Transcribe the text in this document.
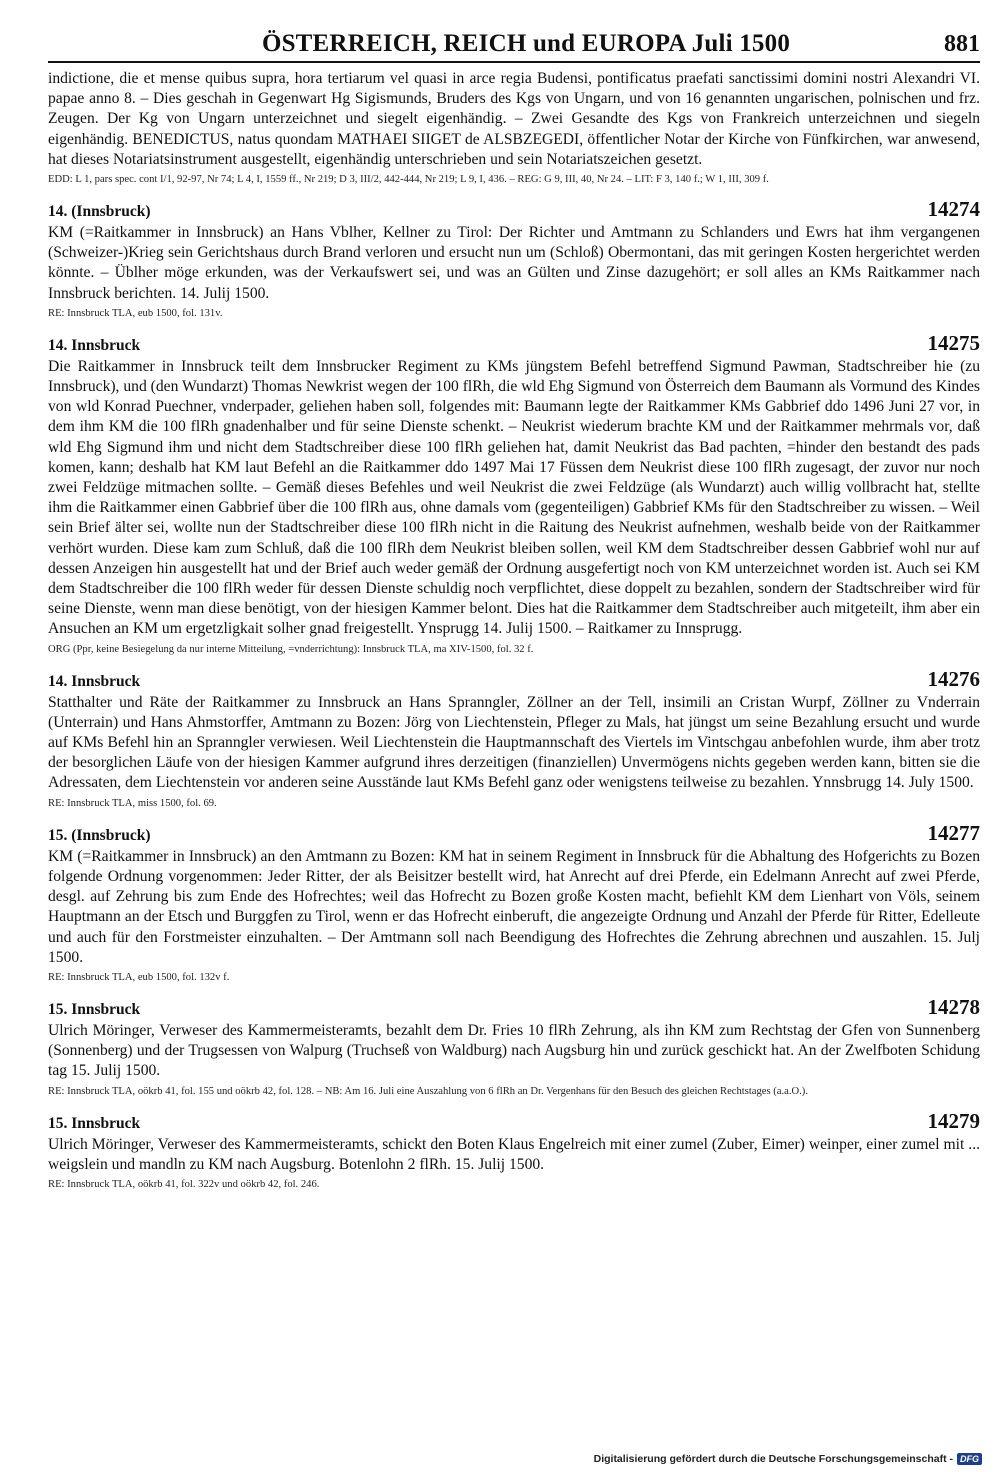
ÖSTERREICH, REICH und EUROPA Juli 1500	881

indictione, die et mense quibus supra, hora tertiarum vel quasi in arce regia Budensi, pontificatus praefati sanctissimi domini nostri Alexandri VI. papae anno 8. – Dies geschah in Gegenwart Hg Sigismunds, Bruders des Kgs von Ungarn, und von 16 genannten ungarischen, polnischen und frz. Zeugen. Der Kg von Ungarn unterzeichnet und siegelt eigenhändig. – Zwei Gesandte des Kgs von Frankreich unterzeichnen und siegeln eigenhändig. BENEDICTUS, natus quondam MATHAEI SIIGET de ALSBZEGEDI, öffentlicher Notar der Kirche von Fünfkirchen, war anwesend, hat dieses Notariatsinstrument ausgestellt, eigenhändig unterschrieben und sein Notariatszeichen gesetzt.

EDD: L 1, pars spec. cont I/1, 92-97, Nr 74; L 4, I, 1559 ff., Nr 219; D 3, III/2, 442-444, Nr 219; L 9, I, 436. – REG: G 9, III, 40, Nr 24. – LIT: F 3, 140 f.; W 1, III, 309 f.

14. (Innsbruck)	14274

KM (=Raitkammer in Innsbruck) an Hans Vblher, Kellner zu Tirol: Der Richter und Amtmann zu Schlanders und Ewrs hat ihm vergangenen (Schweizer-)Krieg sein Gerichtshaus durch Brand verloren und ersucht nun um (Schloß) Obermontani, das mit geringen Kosten hergerichtet werden könnte. – Üblher möge erkunden, was der Verkaufswert sei, und was an Gülten und Zinse dazugehört; er soll alles an KMs Raitkammer nach Innsbruck berichten. 14. Julij 1500.

RE: Innsbruck TLA, eub 1500, fol. 131v.

14. Innsbruck	14275

Die Raitkammer in Innsbruck teilt dem Innsbrucker Regiment zu KMs jüngstem Befehl betreffend Sigmund Pawman, Stadtschreiber hie (zu Innsbruck), und (den Wundarzt) Thomas Newkrist wegen der 100 flRh, die wld Ehg Sigmund von Österreich dem Baumann als Vormund des Kindes von wld Konrad Puechner, vnderpader, geliehen haben soll, folgendes mit: Baumann legte der Raitkammer KMs Gabbrief ddo 1496 Juni 27 vor, in dem ihm KM die 100 flRh gnadenhalber und für seine Dienste schenkt. – Neukrist wiederum brachte KM und der Raitkammer mehrmals vor, daß wld Ehg Sigmund ihm und nicht dem Stadtschreiber diese 100 flRh geliehen hat, damit Neukrist das Bad pachten, =hinder den bestandt des pads komen, kann; deshalb hat KM laut Befehl an die Raitkammer ddo 1497 Mai 17 Füssen dem Neukrist diese 100 flRh zugesagt, der zuvor nur noch zwei Feldzüge mitmachen sollte. – Gemäß dieses Befehles und weil Neukrist die zwei Feldzüge (als Wundarzt) auch willig vollbracht hat, stellte ihm die Raitkammer einen Gabbrief über die 100 flRh aus, ohne damals vom (gegenteiligen) Gabbrief KMs für den Stadtschreiber zu wissen. – Weil sein Brief älter sei, wollte nun der Stadtschreiber diese 100 flRh nicht in die Raitung des Neukrist aufnehmen, weshalb beide von der Raitkammer verhört wurden. Diese kam zum Schluß, daß die 100 flRh dem Neukrist bleiben sollen, weil KM dem Stadtschreiber dessen Gabbrief wohl nur auf dessen Anzeigen hin ausgestellt hat und der Brief auch weder gemäß der Ordnung ausgefertigt noch von KM unterzeichnet worden ist. Auch sei KM dem Stadtschreiber die 100 flRh weder für dessen Dienste schuldig noch verpflichtet, diese doppelt zu bezahlen, sondern der Stadtschreiber wird für seine Dienste, wenn man diese benötigt, von der hiesigen Kammer belont. Dies hat die Raitkammer dem Stadtschreiber auch mitgeteilt, ihm aber ein Ansuchen an KM um ergetzligkait solher gnad freigestellt. Ynsprugg 14. Julij 1500. – Raitkamer zu Innsprugg.

ORG (Ppr, keine Besiegelung da nur interne Mitteilung, =vnderrichtung): Innsbruck TLA, ma XIV-1500, fol. 32 f.

14. Innsbruck	14276

Statthalter und Räte der Raitkammer zu Innsbruck an Hans Spranngler, Zöllner an der Tell, insimili an Cristan Wurpf, Zöllner zu Vnderrain (Unterrain) und Hans Ahmstorffer, Amtmann zu Bozen: Jörg von Liechtenstein, Pfleger zu Mals, hat jüngst um seine Bezahlung ersucht und wurde auf KMs Befehl hin an Spranngler verwiesen. Weil Liechtenstein die Hauptmannschaft des Viertels im Vintschgau anbefohlen wurde, ihm aber trotz der besorglichen Läufe von der hiesigen Kammer aufgrund ihres derzeitigen (finanziellen) Unvermögens nichts gegeben werden kann, bitten sie die Adressaten, dem Liechtenstein vor anderen seine Ausstände laut KMs Befehl ganz oder wenigstens teilweise zu bezahlen. Ynnsbrugg 14. July 1500.

RE: Innsbruck TLA, miss 1500, fol. 69.

15. (Innsbruck)	14277

KM (=Raitkammer in Innsbruck) an den Amtmann zu Bozen: KM hat in seinem Regiment in Innsbruck für die Abhaltung des Hofgerichts zu Bozen folgende Ordnung vorgenommen: Jeder Ritter, der als Beisitzer bestellt wird, hat Anrecht auf drei Pferde, ein Edelmann Anrecht auf zwei Pferde, desgl. auf Zehrung bis zum Ende des Hofrechtes; weil das Hofrecht zu Bozen große Kosten macht, befiehlt KM dem Lienhart von Völs, seinem Hauptmann an der Etsch und Burggfen zu Tirol, wenn er das Hofrecht einberuft, die angezeigte Ordnung und Anzahl der Pferde für Ritter, Edelleute und auch für den Forstmeister einzuhalten. – Der Amtmann soll nach Beendigung des Hofrechtes die Zehrung abrechnen und auszahlen. 15. Julj 1500.

RE: Innsbruck TLA, eub 1500, fol. 132v f.

15. Innsbruck	14278

Ulrich Möringer, Verweser des Kammermeisteramts, bezahlt dem Dr. Fries 10 flRh Zehrung, als ihn KM zum Rechtstag der Gfen von Sunnenberg (Sonnenberg) und der Trugsessen von Walpurg (Truchseß von Waldburg) nach Augsburg hin und zurück geschickt hat. An der Zwelfboten Schidung tag 15. Julij 1500.

RE: Innsbruck TLA, oökrb 41, fol. 155 und oökrb 42, fol. 128. – NB: Am 16. Juli eine Auszahlung von 6 flRh an Dr. Vergenhans für den Besuch des gleichen Rechtstages (a.a.O.).

15. Innsbruck	14279

Ulrich Möringer, Verweser des Kammermeisteramts, schickt den Boten Klaus Engelreich mit einer zumel (Zuber, Eimer) weinper, einer zumel mit ... weigslein und mandln zu KM nach Augsburg. Botenlohn 2 flRh. 15. Julij 1500.

RE: Innsbruck TLA, oökrb 41, fol. 322v und oökrb 42, fol. 246.

Digitalisierung gefördert durch die Deutsche Forschungsgemeinschaft - DFG
